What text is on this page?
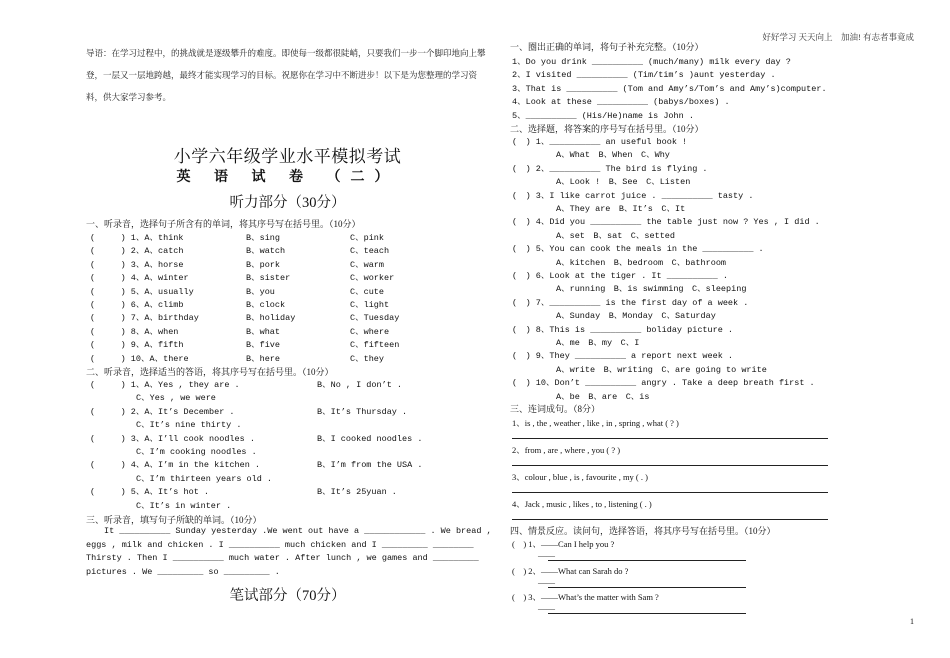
好好学习 天天向上　加油! 有志者事竟成
导语：在学习过程中，的挑战就是逐级攀升的难度。即使每一级都很陡峭，只要我们一步一个脚印地向上攀登，一层又一层地跨越，最终才能实现学习的目标。祝愿你在学习中不断进步！以下是为您整理的学习资料，供大家学习参考。
小学六年级学业水平模拟考试
英 语 试 卷 （二）
听力部分（30分）
一、听录音，选择句子所含有的单词，将其序号写在括号里。（10分）
(　　　) 1、A、think	B、sing	C、pink
(　　　) 2、A、catch	B、watch	C、teach
(　　　) 3、A、horse	B、pork	C、warm
(　　　) 4、A、winter	B、sister	C、worker
(　　　) 5、A、usually	B、you	C、cute
(　　　) 6、A、climb	B、clock	C、light
(　　　) 7、A、birthday	B、holiday	C、Tuesday
(　　　) 8、A、when	B、what	C、where
(　　　) 9、A、fifth	B、five	C、fifteen
(　　　) 10、A、there	B、here	C、they
二、听录音，选择适当的答语，将其序号写在括号里。（10分）
(　　　) 1、A、Yes , they are .	B、No , I don’t .
C、Yes , we were
(　　　) 2、A、It’s December .	B、It’s Thursday .
C、It’s nine thirty .
(　　　) 3、A、I’ll cook noodles .	B、I cooked noodles .
C、I’m cooking noodles .
(　　　) 4、A、I’m in the kitchen .	B、I’m from the USA .
C、I’m thirteen years old .
(　　　) 5、A、It’s hot .	B、It’s 25yuan .
C、It’s in winter .
三、听录音，填写句子所缺的单词。（10分）
It __________ Sunday yesterday .We went out have a ____________ . We bread , eggs , milk and chicken . I __________ much chicken and I _________ ________ Thirsty . Then I __________ much water . After lunch , we games and _________ pictures . We _________ so _________ .
笔试部分（70分）
一、圈出正确的单词，将句子补充完整。（10分）
1、Do you drink __________ (much/many) milk every day ?
2、I visited __________ (Tim/tim’s )aunt yesterday .
3、That is __________ (Tom and Amy’s/Tom’s and Amy’s)computer.
4、Look at these __________ (babys/boxes) .
5、__________ (His/He)name is John .
二、选择题，将答案的序号写在括号里。（10分）
(　) 1、__________ an useful book !
A、What　B、When　C、Why
(　) 2、__________ The bird is flying .
A、Look !　B、See　C、Listen
(　) 3、I like carrot juice . __________ tasty .
A、They are　B、It’s　C、It
(　) 4、Did you __________ the table just now ? Yes , I did .
A、set　B、sat　C、setted
(　) 5、You can cook the meals in the __________ .
A、kitchen　B、bedroom　C、bathroom
(　) 6、Look at the tiger . It __________ .
A、running　B、is swimming　C、sleeping
(　) 7、__________ is the first day of a week .
A、Sunday　B、Monday　C、Saturday
(　) 8、This is __________ boliday picture .
A、me　B、my　C、I
(　) 9、They __________ a report next week .
A、write　B、writing　C、are going to write
(　) 10、Don’t __________ angry . Take a deep breath first .
A、be　B、are　C、is
三、连词成句。（8分）
1、is , the , weather , like , in , spring , what ( ? )
2、from , are , where , you ( ? )
3、colour , blue , is , favourite , my ( . )
4、Jack , music , likes , to , listening ( . )
四、情景反应。读问句，选择答语，将其序号写在括号里。（10分）
(　) 1、——Can I help you ?
——
(　) 2、——What can Sarah do ?
——
(　) 3、——What’s the matter with Sam ?
——
1
